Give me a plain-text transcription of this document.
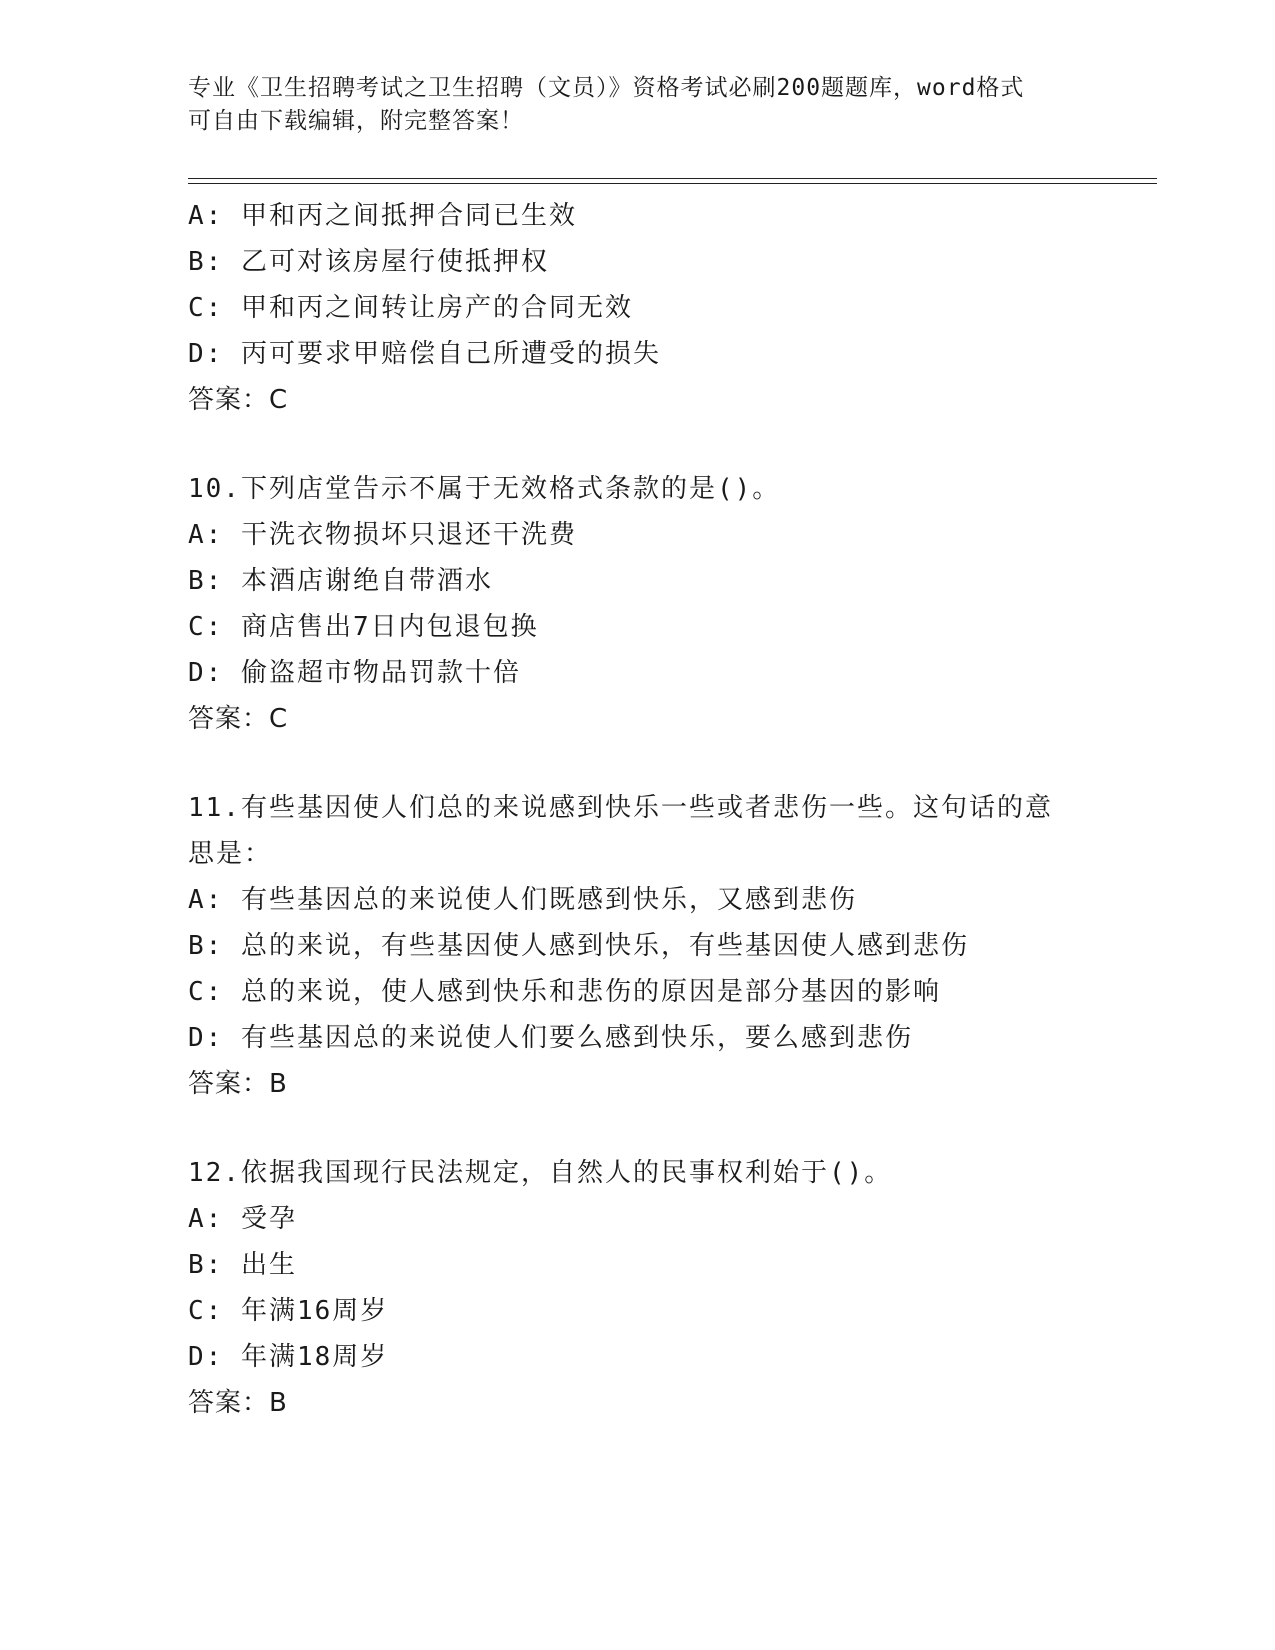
专业《卫生招聘考试之卫生招聘（文员）》资格考试必刷200题题库，word格式
可自由下载编辑，附完整答案！
A: 甲和丙之间抵押合同已生效
B: 乙可对该房屋行使抵押权
C: 甲和丙之间转让房产的合同无效
D: 丙可要求甲赔偿自己所遭受的损失
答案：C
10.下列店堂告示不属于无效格式条款的是()。
A: 干洗衣物损坏只退还干洗费
B: 本酒店谢绝自带酒水
C: 商店售出7日内包退包换
D: 偷盗超市物品罚款十倍
答案：C
11.有些基因使人们总的来说感到快乐一些或者悲伤一些。这句话的意
思是：
A: 有些基因总的来说使人们既感到快乐，又感到悲伤
B: 总的来说，有些基因使人感到快乐，有些基因使人感到悲伤
C: 总的来说，使人感到快乐和悲伤的原因是部分基因的影响
D: 有些基因总的来说使人们要么感到快乐，要么感到悲伤
答案：B
12.依据我国现行民法规定，自然人的民事权利始于()。
A: 受孕
B: 出生
C: 年满16周岁
D: 年满18周岁
答案：B
